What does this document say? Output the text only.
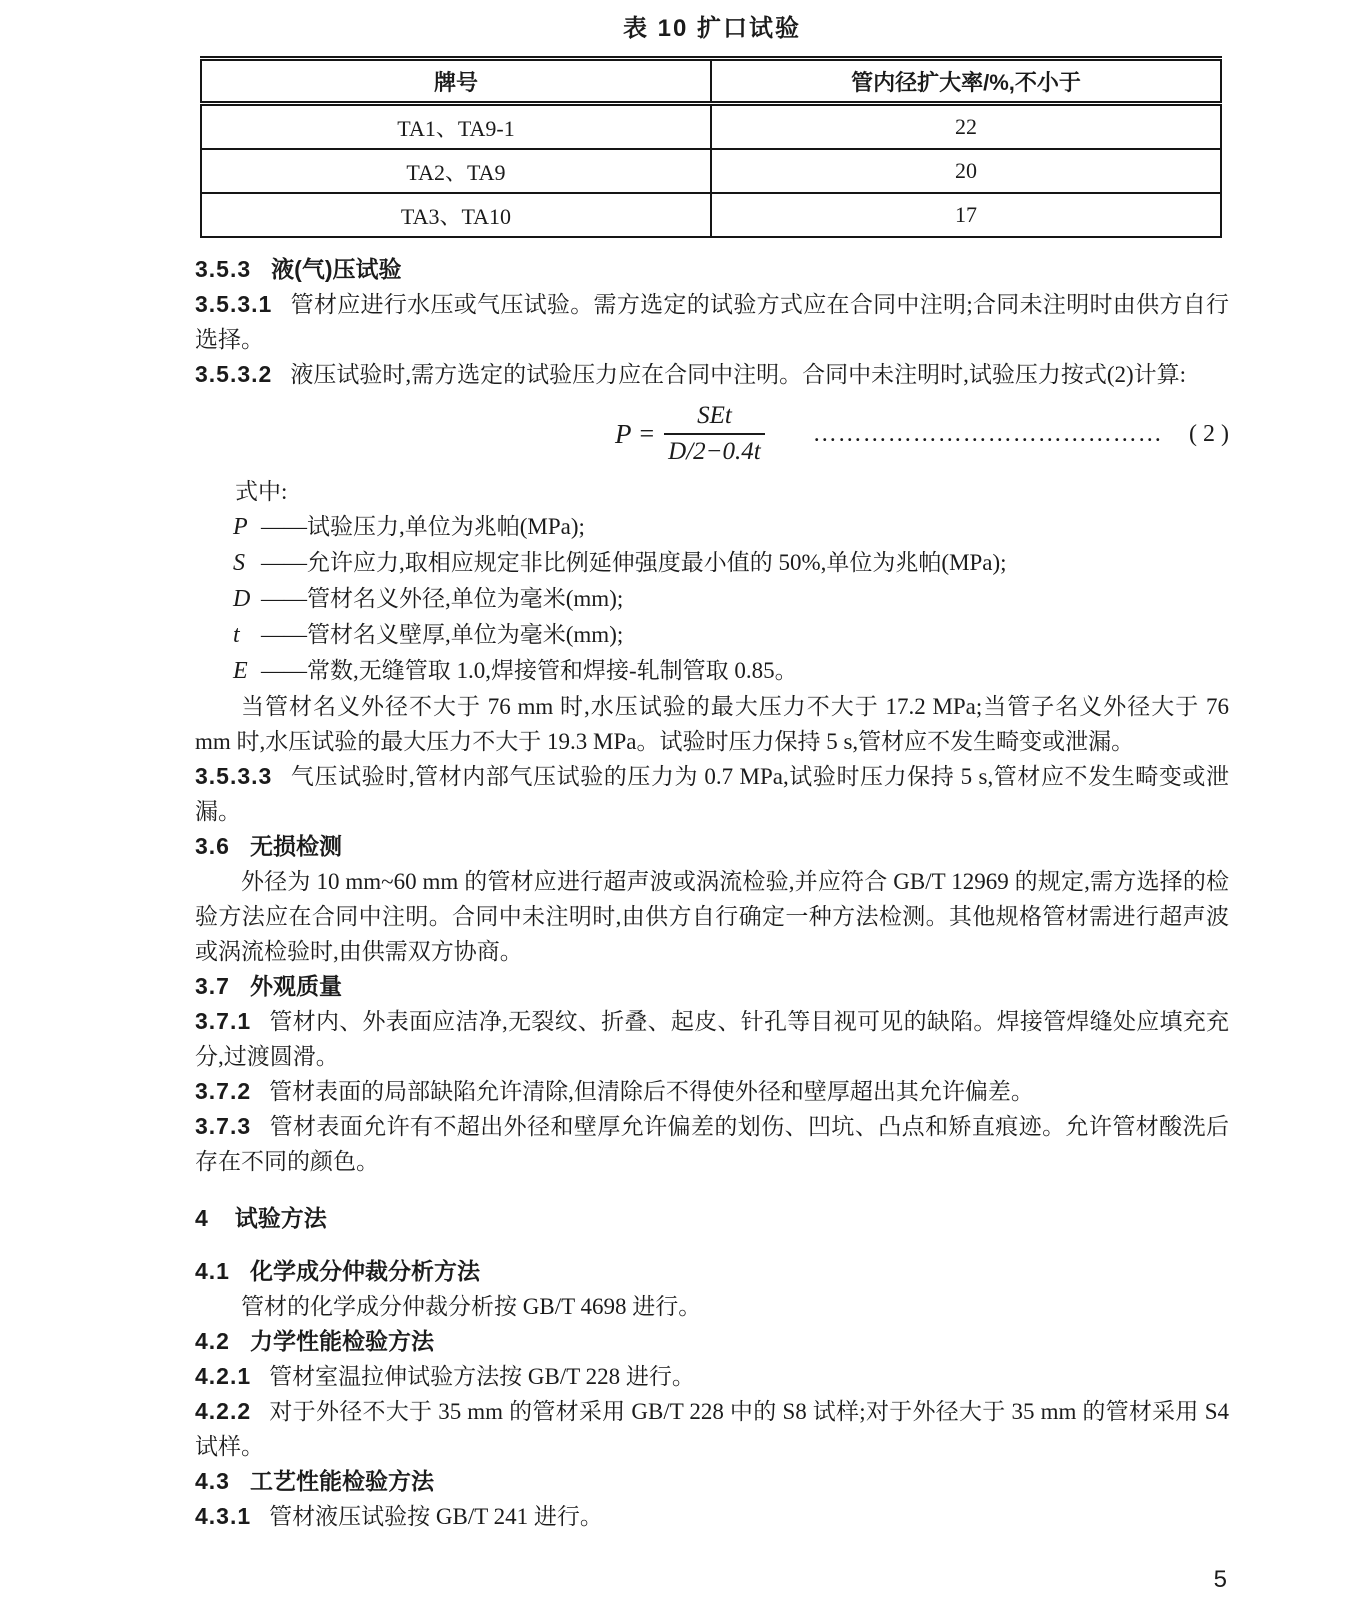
表 10 扩口试验
牌号	管内径扩大率/%,不小于
TA1、TA9-1	22
TA2、TA9	20
TA3、TA10	17

3.5.3 液(气)压试验

3.5.3.1 管材应进行水压或气压试验。需方选定的试验方式应在合同中注明;合同未注明时由供方自行选择。

3.5.3.2 液压试验时,需方选定的试验压力应在合同中注明。合同中未注明时,试验压力按式(2)计算:

$P = \frac{\text{SEt}}{D/2-0.4t}$ ……………………………………	( 2 )

式中:

P ——试验压力,单位为兆帕(MPa);

S ——允许应力,取相应规定非比例延伸强度最小值的 50%,单位为兆帕(MPa);

D ——管材名义外径,单位为毫米(mm);

t ——管材名义壁厚,单位为毫米(mm);

E ——常数,无缝管取 1.0,焊接管和焊接-轧制管取 0.85。

当管材名义外径不大于 76 mm 时,水压试验的最大压力不大于 17.2 MPa;当管子名义外径大于 76 mm 时,水压试验的最大压力不大于 19.3 MPa。试验时压力保持 5 s,管材应不发生畸变或泄漏。

3.5.3.3 气压试验时,管材内部气压试验的压力为 0.7 MPa,试验时压力保持 5 s,管材应不发生畸变或泄漏。

3.6 无损检测

外径为 10 mm~60 mm 的管材应进行超声波或涡流检验,并应符合 GB/T 12969 的规定,需方选择的检验方法应在合同中注明。合同中未注明时,由供方自行确定一种方法检测。其他规格管材需进行超声波或涡流检验时,由供需双方协商。

3.7 外观质量

3.7.1 管材内、外表面应洁净,无裂纹、折叠、起皮、针孔等目视可见的缺陷。焊接管焊缝处应填充充分,过渡圆滑。

3.7.2 管材表面的局部缺陷允许清除,但清除后不得使外径和壁厚超出其允许偏差。

3.7.3 管材表面允许有不超出外径和壁厚允许偏差的划伤、凹坑、凸点和矫直痕迹。允许管材酸洗后存在不同的颜色。

4 试验方法

4.1 化学成分仲裁分析方法

管材的化学成分仲裁分析按 GB/T 4698 进行。

4.2 力学性能检验方法

4.2.1 管材室温拉伸试验方法按 GB/T 228 进行。

4.2.2 对于外径不大于 35 mm 的管材采用 GB/T 228 中的 S8 试样;对于外径大于 35 mm 的管材采用 S4 试样。

4.3 工艺性能检验方法

4.3.1 管材液压试验按 GB/T 241 进行。

5
